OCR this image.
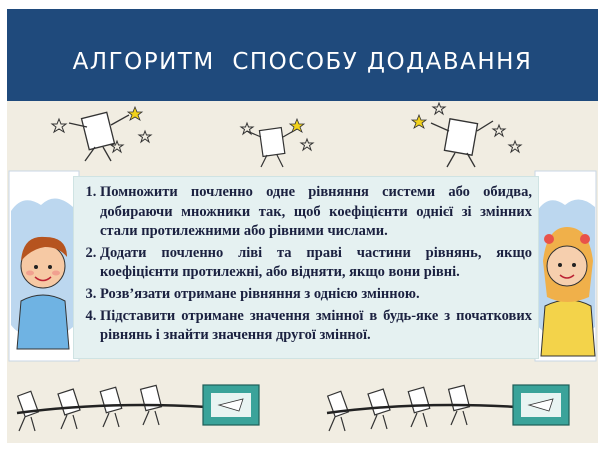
АЛГОРИТМ  СПОСОБУ ДОДАВАННЯ
1. Помножити почленно одне рівняння системи або обидва, добираючи множники так, щоб коефіцієнти однієї зі змінних стали протилежними або рівними числами.
2. Додати почленно ліві та праві частини рівнянь, якщо коефіцієнти протилежні, або відняти, якщо вони рівні.
3. Розв’язати отримане рівняння з однією змінною.
4. Підставити отримане значення змінної в будь-яке з початкових рівнянь і знайти значення другої змінної.
